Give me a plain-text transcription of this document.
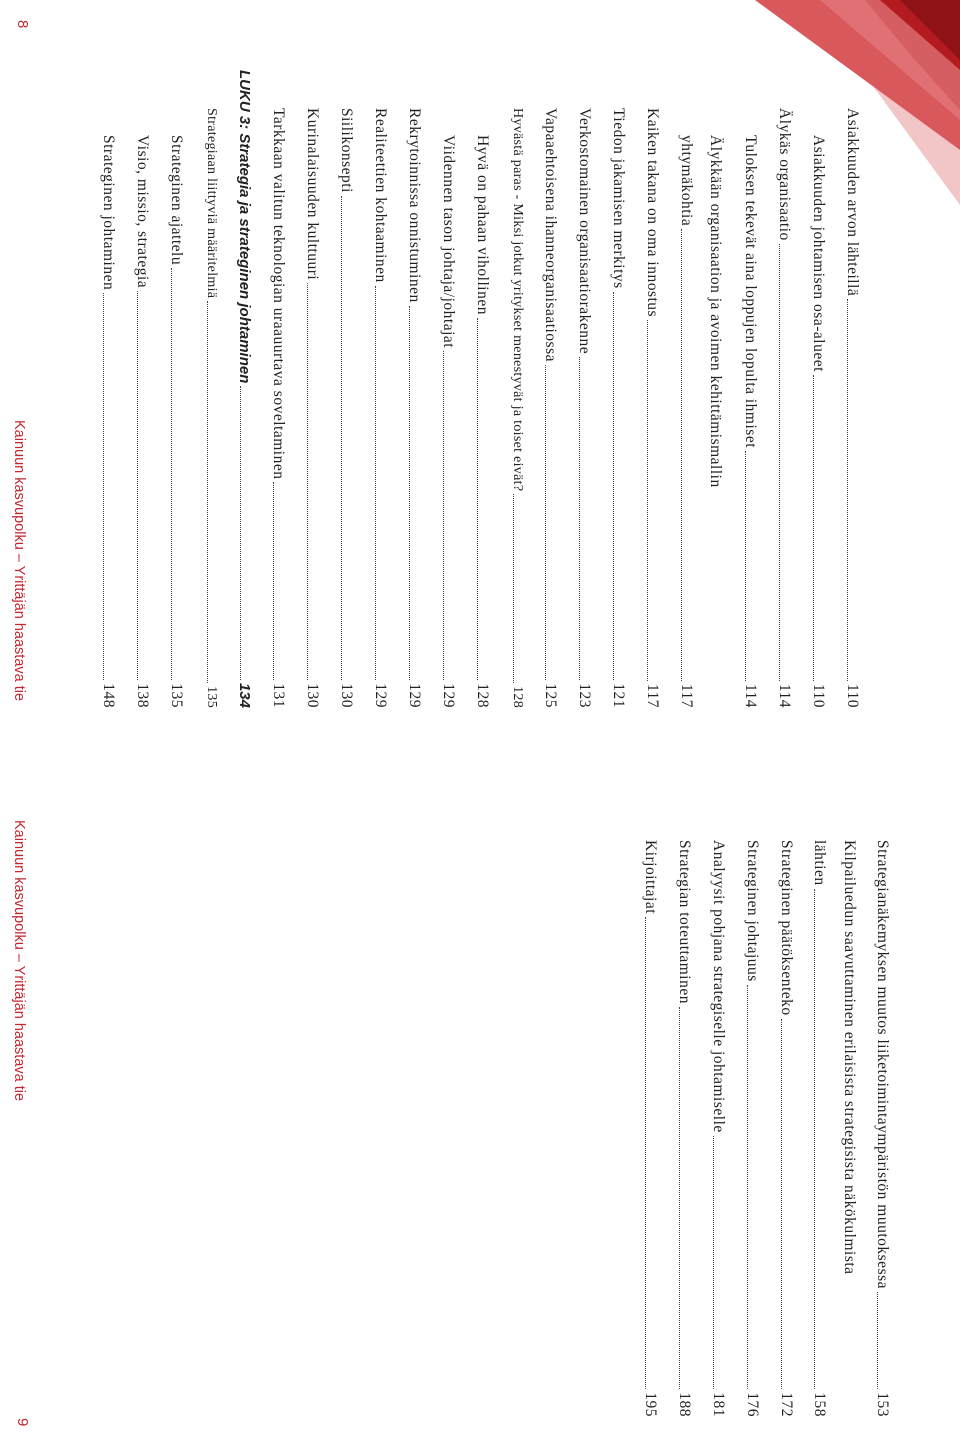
Asiakkuuden arvon lähteillä
110
Asiakkuuden johtamisen osa-alueet
110
Älykäs organisaatio
114
Tuloksen tekevät aina loppujen lopulta ihmiset
114
Älykkään organisaation ja avoimen kehittämismallin
yhtymäkohtia
117
Kaiken takana on oma innostus
117
Tiedon jakamisen merkitys
121
Verkostomainen organisaatiorakenne
123
Vapaaehtoisena ihanneorganisaatiossa
125
Hyvästä paras - Miksi jotkut yritykset menestyvät ja toiset eivät?
128
Hyvä on pahaan vihollinen
128
Viidennen tason johtaja/johtajat
129
Rekrytoinnissa onnistuminen
129
Realiteettien kohtaaminen
129
Siilikonsepti
130
Kurinalaisuuden kulttuuri
130
Tarkkaan valitun teknologian uraauurtava soveltaminen
131
LUKU 3: Strategia ja strateginen johtaminen
134
Strategiaan liittyviä määritelmiä
135
Strateginen ajattelu
135
Visio, missio, strategia
138
Strateginen johtaminen
148
8
Kainuun kasvupolku – Yrittäjän haastava tie
Strategianäkemyksen muutos liiketoimintaympäristön muutoksessa
153
Kilpailuedun saavuttaminen erilaisista strategisista näkökulmista
lähtien
158
Strateginen päätöksenteko
172
Strateginen johtajuus
176
Analyysit pohjana strategiselle johtamiselle
181
Strategian toteuttaminen
188
Kirjoittajat
195
Kainuun kasvupolku – Yrittäjän haastava tie
9
